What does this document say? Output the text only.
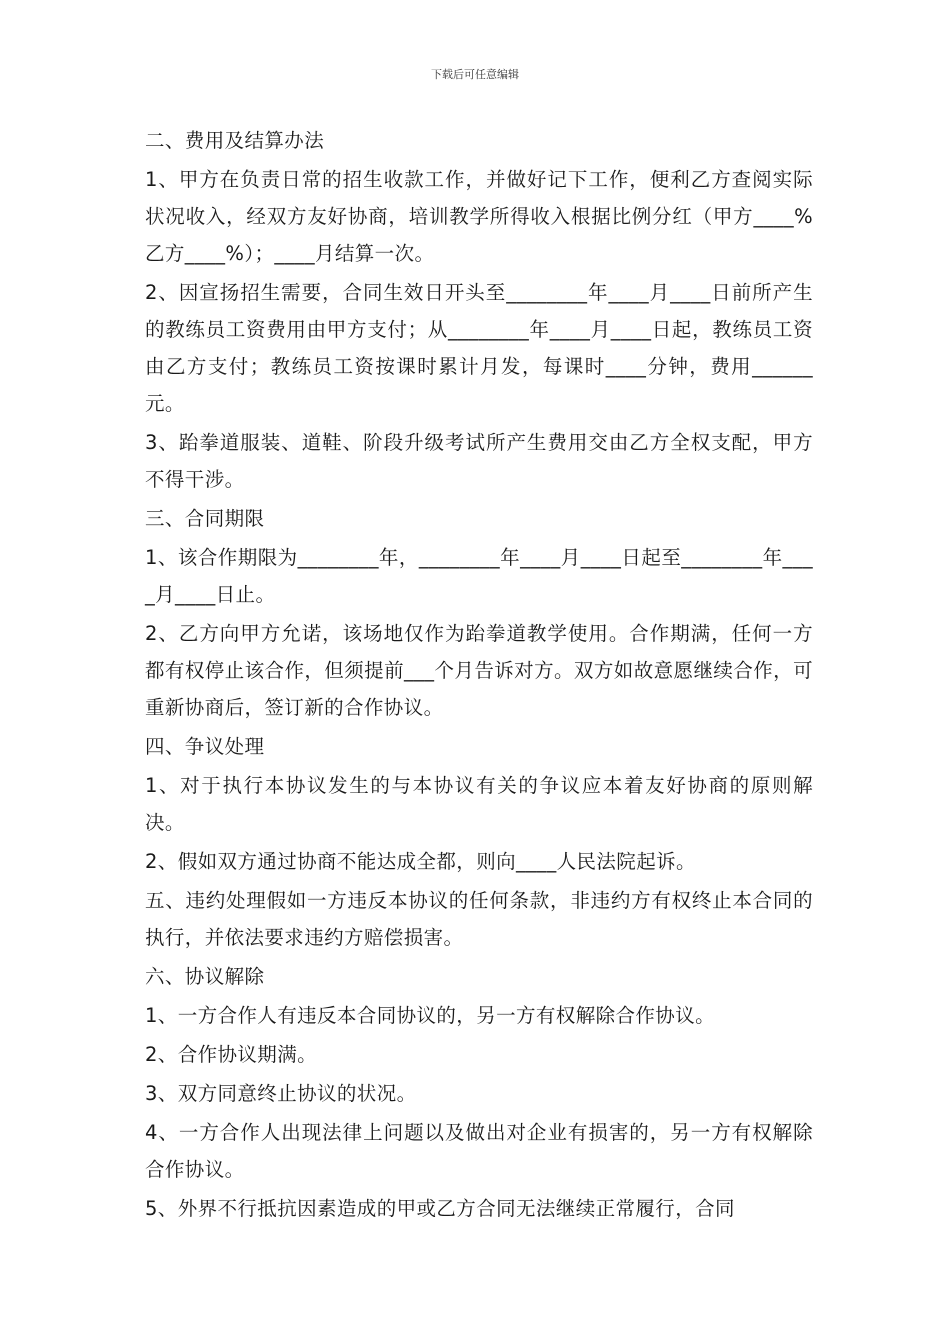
下载后可任意编辑

二、费用及结算办法

1、甲方在负责日常的招生收款工作，并做好记下工作，便利乙方查阅实际状况收入，经双方友好协商，培训教学所得收入根据比例分红（甲方____%乙方____%）；____月结算一次。

2、因宣扬招生需要，合同生效日开头至________年____月____日前所产生的教练员工资费用由甲方支付；从________年____月____日起，教练员工资由乙方支付；教练员工资按课时累计月发，每课时____分钟，费用______元。

3、跆拳道服装、道鞋、阶段升级考试所产生费用交由乙方全权支配，甲方不得干涉。

三、合同期限

1、该合作期限为________年，________年____月____日起至________年____月____日止。

2、乙方向甲方允诺，该场地仅作为跆拳道教学使用。合作期满，任何一方都有权停止该合作，但须提前___个月告诉对方。双方如故意愿继续合作，可重新协商后，签订新的合作协议。

四、争议处理

1、对于执行本协议发生的与本协议有关的争议应本着友好协商的原则解决。

2、假如双方通过协商不能达成全都，则向____人民法院起诉。

五、违约处理假如一方违反本协议的任何条款，非违约方有权终止本合同的执行，并依法要求违约方赔偿损害。

六、协议解除

1、一方合作人有违反本合同协议的，另一方有权解除合作协议。

2、合作协议期满。

3、双方同意终止协议的状况。

4、一方合作人出现法律上问题以及做出对企业有损害的，另一方有权解除合作协议。

5、外界不行抵抗因素造成的甲或乙方合同无法继续正常履行，合同
